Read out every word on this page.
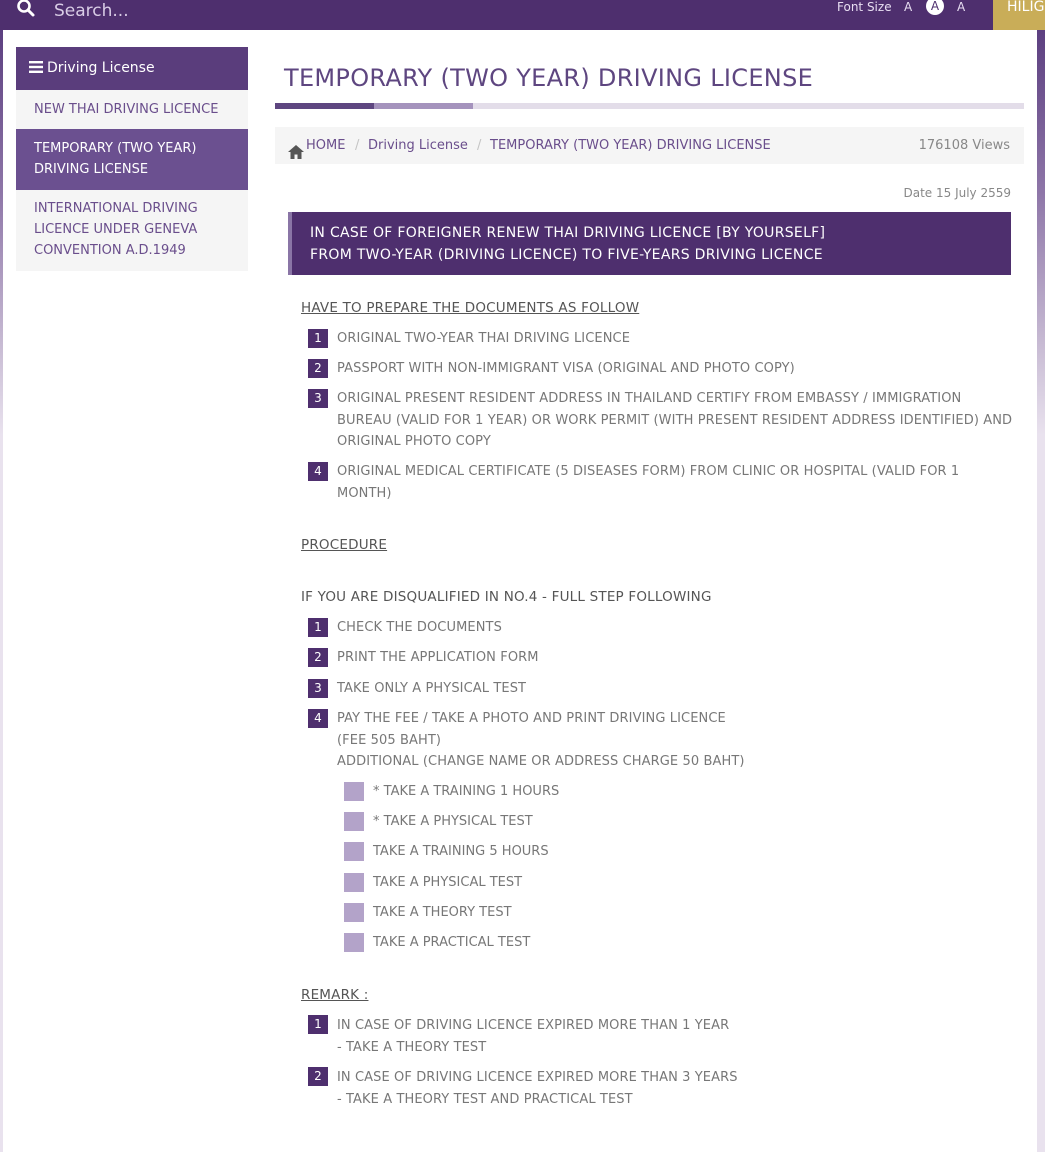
Search...
Font Size A	A	A	HILIG
Driving License
NEW THAI DRIVING LICENCE
TEMPORARY (TWO YEAR) DRIVING LICENSE
INTERNATIONAL DRIVING LICENCE UNDER GENEVA CONVENTION A.D.1949
TEMPORARY (TWO YEAR) DRIVING LICENSE
HOME / Driving License / TEMPORARY (TWO YEAR) DRIVING LICENSE	176108 Views
Date 15 July 2559
IN CASE OF FOREIGNER RENEW THAI DRIVING LICENCE [BY YOURSELF]
FROM TWO-YEAR (DRIVING LICENCE) TO FIVE-YEARS DRIVING LICENCE
HAVE TO PREPARE THE DOCUMENTS AS FOLLOW
1	ORIGINAL TWO-YEAR THAI DRIVING LICENCE
2	PASSPORT WITH NON-IMMIGRANT VISA (ORIGINAL AND PHOTO COPY)
3	ORIGINAL PRESENT RESIDENT ADDRESS IN THAILAND CERTIFY FROM EMBASSY / IMMIGRATION
BUREAU (VALID FOR 1 YEAR) OR WORK PERMIT (WITH PRESENT RESIDENT ADDRESS IDENTIFIED) AND
ORIGINAL PHOTO COPY
4	ORIGINAL MEDICAL CERTIFICATE (5 DISEASES FORM) FROM CLINIC OR HOSPITAL (VALID FOR 1
MONTH)
PROCEDURE
IF YOU ARE DISQUALIFIED IN NO.4 - FULL STEP FOLLOWING
1	CHECK THE DOCUMENTS
2	PRINT THE APPLICATION FORM
3	TAKE ONLY A PHYSICAL TEST
4	PAY THE FEE / TAKE A PHOTO AND PRINT DRIVING LICENCE
(FEE 505 BAHT)
ADDITIONAL (CHANGE NAME OR ADDRESS CHARGE 50 BAHT)
* TAKE A TRAINING 1 HOURS
* TAKE A PHYSICAL TEST
TAKE A TRAINING 5 HOURS
TAKE A PHYSICAL TEST
TAKE A THEORY TEST
TAKE A PRACTICAL TEST
REMARK :
1	IN CASE OF DRIVING LICENCE EXPIRED MORE THAN 1 YEAR
- TAKE A THEORY TEST
2	IN CASE OF DRIVING LICENCE EXPIRED MORE THAN 3 YEARS
- TAKE A THEORY TEST AND PRACTICAL TEST
